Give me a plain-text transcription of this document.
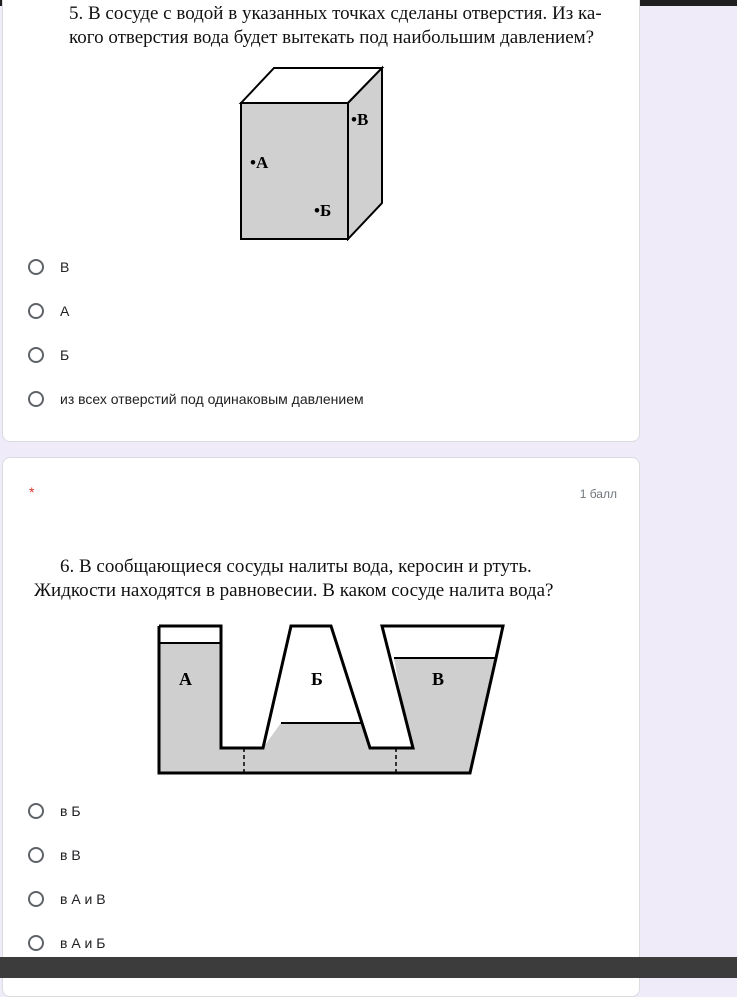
5. В сосуде с водой в указанных точках сделаны отверстия. Из ка-
кого отверстия вода будет вытекать под наибольшим давлением?
•А
•Б
•В
В
А
Б
из всех отверстий под одинаковым давлением
*	1 балл
6. В сообщающиеся сосуды налиты вода, керосин и ртуть.
Жидкости находятся в равновесии. В каком сосуде налита вода?
А	Б	В
в Б
в В
в А и В
в А и Б
